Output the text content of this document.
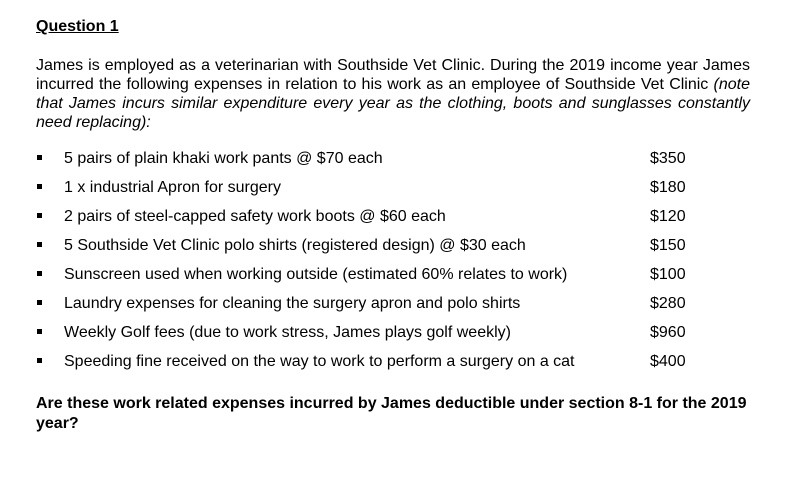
Question 1

James is employed as a veterinarian with Southside Vet Clinic. During the 2019 income year James incurred the following expenses in relation to his work as an employee of Southside Vet Clinic (note that James incurs similar expenditure every year as the clothing, boots and sunglasses constantly need replacing):

5 pairs of plain khaki work pants @ $70 each	$350
1 x industrial Apron for surgery	$180
2 pairs of steel-capped safety work boots @ $60 each	$120
5 Southside Vet Clinic polo shirts (registered design) @ $30 each	$150
Sunscreen used when working outside (estimated 60% relates to work)	$100
Laundry expenses for cleaning the surgery apron and polo shirts	$280
Weekly Golf fees (due to work stress, James plays golf weekly)	$960
Speeding fine received on the way to work to perform a surgery on a cat	$400

Are these work related expenses incurred by James deductible under section 8-1 for the 2019 year?
